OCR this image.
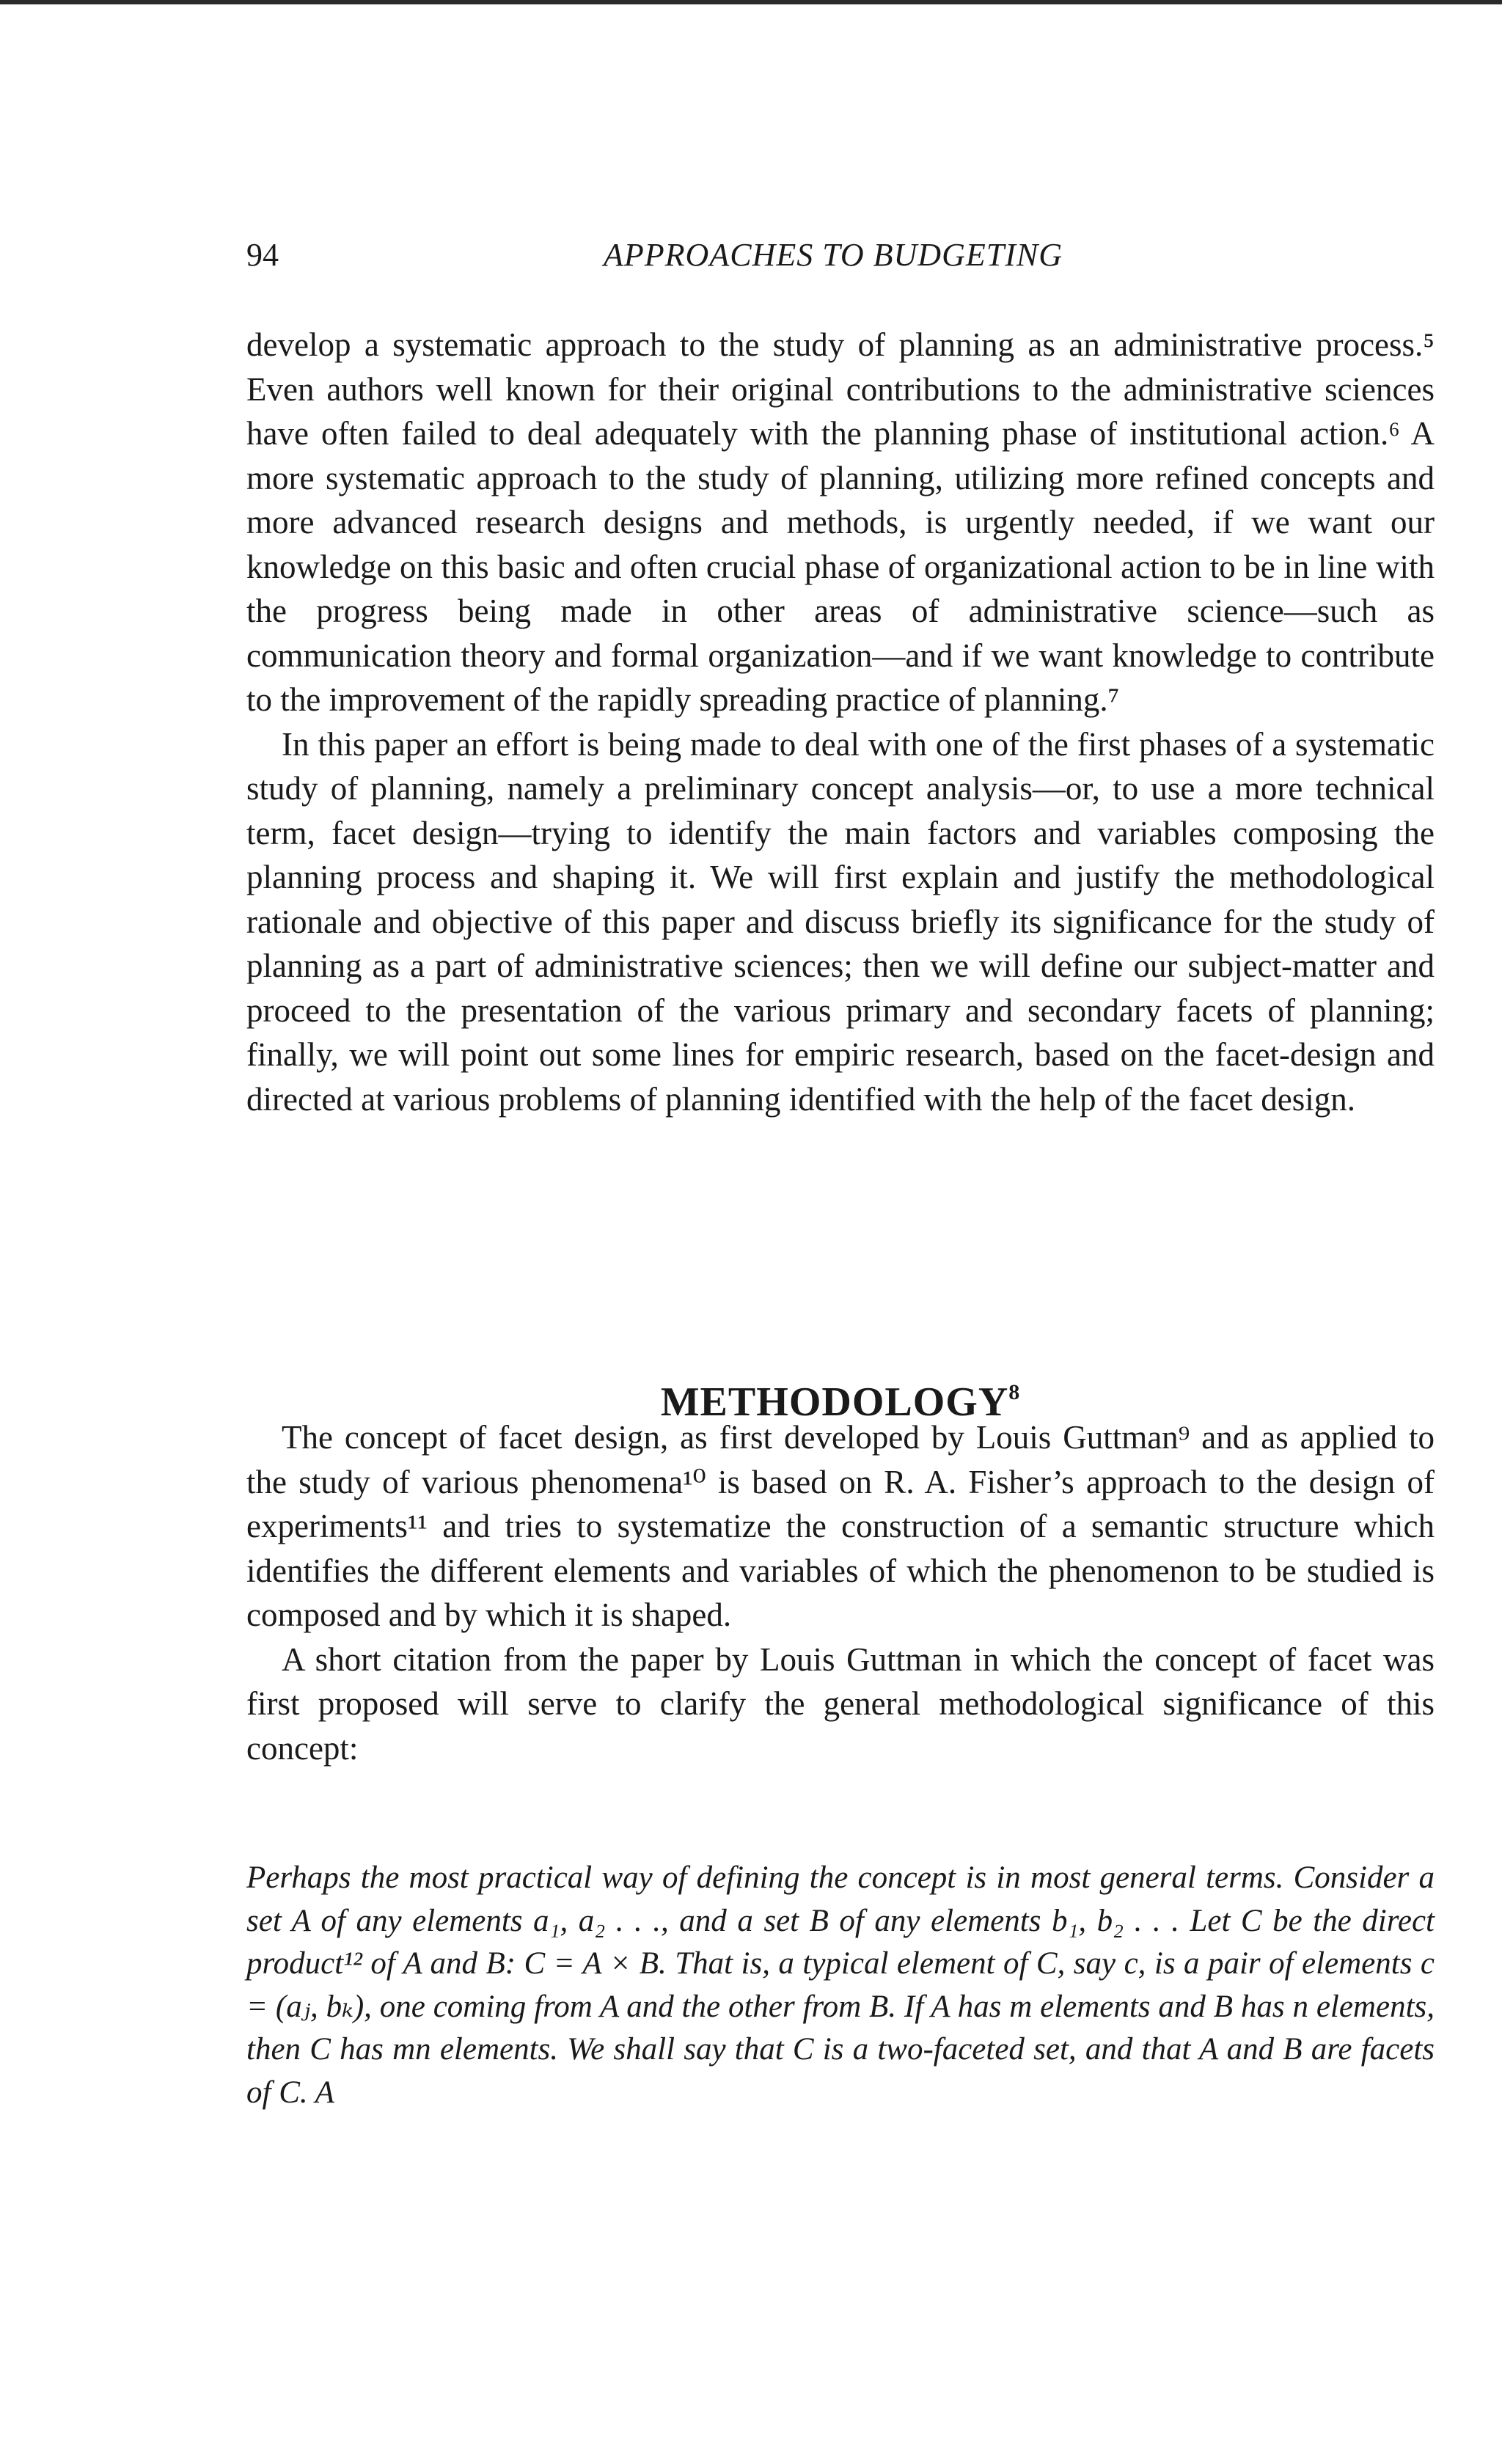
94	APPROACHES TO BUDGETING

develop a systematic approach to the study of planning as an administrative process.⁵ Even authors well known for their original contributions to the administrative sciences have often failed to deal adequately with the planning phase of institutional action.⁶ A more systematic approach to the study of planning, utilizing more refined concepts and more advanced research designs and methods, is urgently needed, if we want our knowledge on this basic and often crucial phase of organizational action to be in line with the progress being made in other areas of administrative science—such as communication theory and formal organization—and if we want knowledge to contribute to the improvement of the rapidly spreading practice of planning.⁷

In this paper an effort is being made to deal with one of the first phases of a systematic study of planning, namely a preliminary concept analysis—or, to use a more technical term, facet design—trying to identify the main factors and variables composing the planning process and shaping it. We will first explain and justify the methodological rationale and objective of this paper and discuss briefly its significance for the study of planning as a part of administrative sciences; then we will define our subject-matter and proceed to the presentation of the various primary and secondary facets of planning; finally, we will point out some lines for empiric research, based on the facet-design and directed at various problems of planning identified with the help of the facet design.

METHODOLOGY$^8$

The concept of facet design, as first developed by Louis Guttman⁹ and as applied to the study of various phenomena¹⁰ is based on R. A. Fisher’s approach to the design of experiments¹¹ and tries to systematize the construction of a semantic structure which identifies the different elements and variables of which the phenomenon to be studied is composed and by which it is shaped.

A short citation from the paper by Louis Guttman in which the concept of facet was first proposed will serve to clarify the general methodological significance of this concept:

Perhaps the most practical way of defining the concept is in most general terms. Consider a set A of any elements a₁, a₂ . . ., and a set B of any elements b₁, b₂ . . . Let C be the direct product¹² of A and B: C = A × B. That is, a typical element of C, say c, is a pair of elements c = (aⱼ, bₖ), one coming from A and the other from B. If A has m elements and B has n elements, then C has mn elements. We shall say that C is a two-faceted set, and that A and B are facets of C. A
